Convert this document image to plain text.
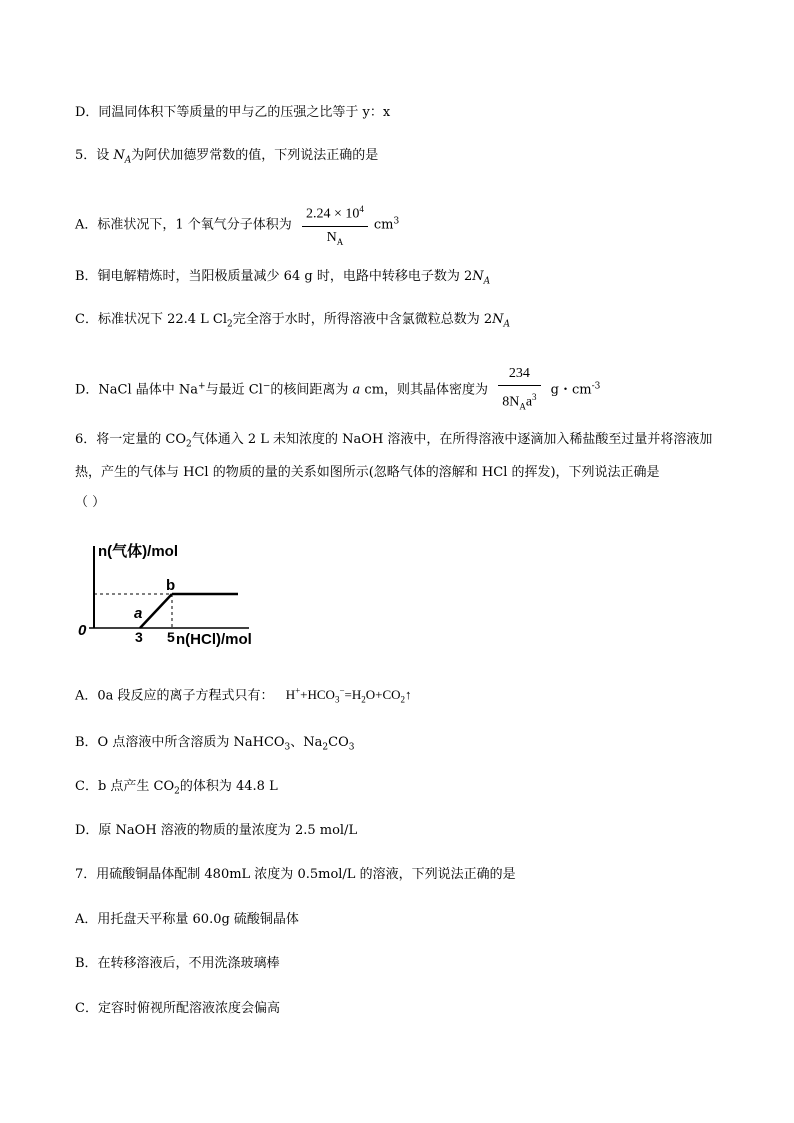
D．同温同体积下等质量的甲与乙的压强之比等于 y：x
5．设 $N_A$为阿伏加德罗常数的值，下列说法正确的是
A．标准状况下，1 个氧气分子体积为 $\frac{2.24 \times 10^4}{N_A} cm^3$
B．铜电解精炼时，当阳极质量减少 64 g 时，电路中转移电子数为 $2N_A$
C．标准状况下 22.4 L $Cl_2$完全溶于水时，所得溶液中含氯微粒总数为 $2N_A$
D．NaCl 晶体中 Na+与最近 Cl−的核间距离为 a cm，则其晶体密度为 $\frac{234}{8N_Aa^3}$ g・$cm^{-3}$
6．将一定量的 $CO_2$气体通入 2 L 未知浓度的 NaOH 溶液中，在所得溶液中逐滴加入稀盐酸至过量并将溶液加
热，产生的气体与 HCl 的物质的量的关系如图所示(忽略气体的溶解和 HCl 的挥发)，下列说法正确是
（ ）
n(气体)/mol
n(HCl)/mol
0	3 5
a
b
A．0a 段反应的离子方程式只有： $H^++HCO_3^-=H_2O+CO_2↑$
B．O 点溶液中所含溶质为 NaHCO$_3$、$Na_2CO_3$
C．b 点产生 $CO_2$的体积为 44.8 L
D．原 NaOH 溶液的物质的量浓度为 2.5 mol/L
7．用硫酸铜晶体配制 480mL 浓度为 0.5mol/L 的溶液，下列说法正确的是
A．用托盘天平称量 60.0g 硫酸铜晶体
B．在转移溶液后，不用洗涤玻璃棒
C．定容时俯视所配溶液浓度会偏高
